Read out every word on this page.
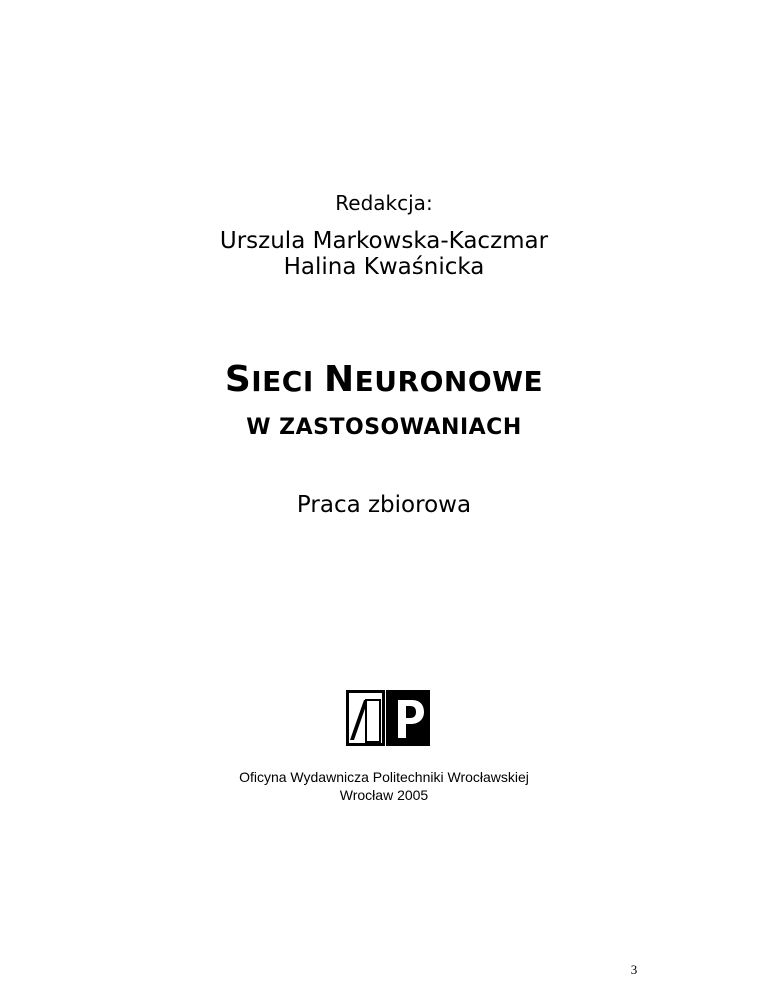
Redakcja:
Urszula Markowska-Kaczmar
Halina Kwaśnicka
SIECI NEURONOWE
W ZASTOSOWANIACH
Praca zbiorowa
Oficyna Wydawnicza Politechniki Wrocławskiej
Wrocław 2005
3
